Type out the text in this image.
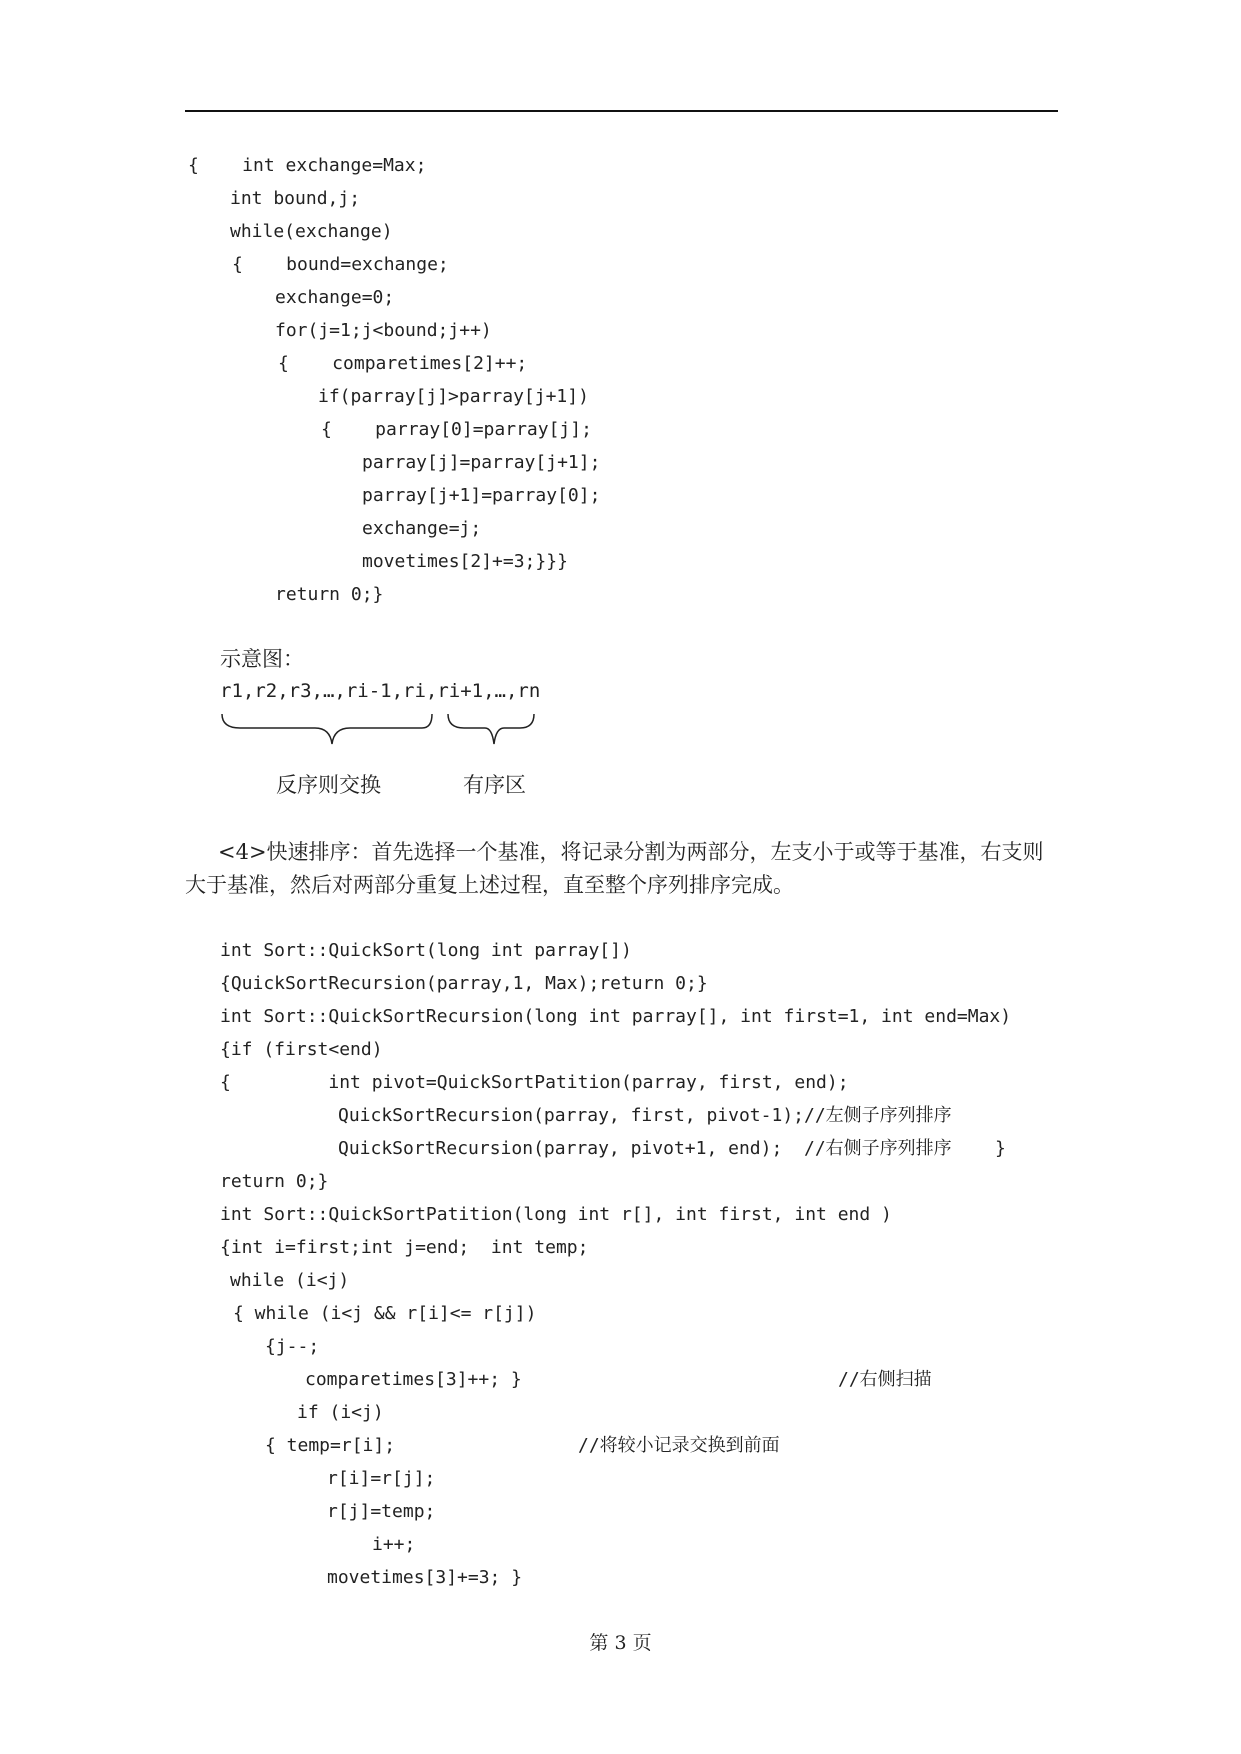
{    int exchange=Max;
int bound,j;
while(exchange)
{    bound=exchange;
exchange=0;
for(j=1;j<bound;j++)
{    comparetimes[2]++;
if(parray[j]>parray[j+1])
{    parray[0]=parray[j];
parray[j]=parray[j+1];
parray[j+1]=parray[0];
exchange=j;
movetimes[2]+=3;}}}
return 0;}
示意图：
r1,r2,r3,…,ri-1,ri,ri+1,…,rn
反序则交换	有序区
<4>快速排序：首先选择一个基准，将记录分割为两部分，左支小于或等于基准，右支则大于基准，然后对两部分重复上述过程，直至整个序列排序完成。
int Sort::QuickSort(long int parray[])
{QuickSortRecursion(parray,1, Max);return 0;}
int Sort::QuickSortRecursion(long int parray[], int first=1, int end=Max)
{if (first<end)
{         int pivot=QuickSortPatition(parray, first, end);
QuickSortRecursion(parray, first, pivot-1);//左侧子序列排序
QuickSortRecursion(parray, pivot+1, end);  //右侧子序列排序    }
return 0;}
int Sort::QuickSortPatition(long int r[], int first, int end )
{int i=first;int j=end;  int temp;
while (i<j)
{ while (i<j && r[i]<= r[j])
{j--;
comparetimes[3]++; }	//右侧扫描
if (i<j)
{ temp=r[i];	//将较小记录交换到前面
r[i]=r[j];
r[j]=temp;
i++;
movetimes[3]+=3; }
第 3 页
